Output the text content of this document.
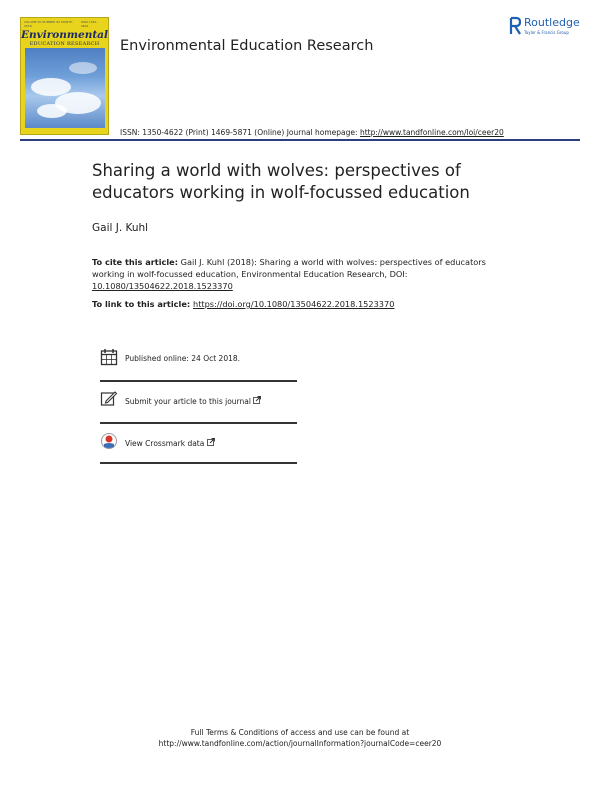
VOLUME 00 NUMBER 00 MONTH 2018
ISSN 1350-4622
Environmental
EDUCATION RESEARCH	Environmental Education Research
Routledge
Taylor & Francis Group
ISSN: 1350-4622 (Print) 1469-5871 (Online) Journal homepage: http://www.tandfonline.com/loi/ceer20
Sharing a world with wolves: perspectives of educators working in wolf-focussed education
Gail J. Kuhl
To cite this article: Gail J. Kuhl (2018): Sharing a world with wolves: perspectives of educators working in wolf-focussed education, Environmental Education Research, DOI: 10.1080/13504622.2018.1523370
To link to this article: https://doi.org/10.1080/13504622.2018.1523370
Published online: 24 Oct 2018.
Submit your article to this journal
View Crossmark data
Full Terms & Conditions of access and use can be found at
http://www.tandfonline.com/action/journalInformation?journalCode=ceer20
